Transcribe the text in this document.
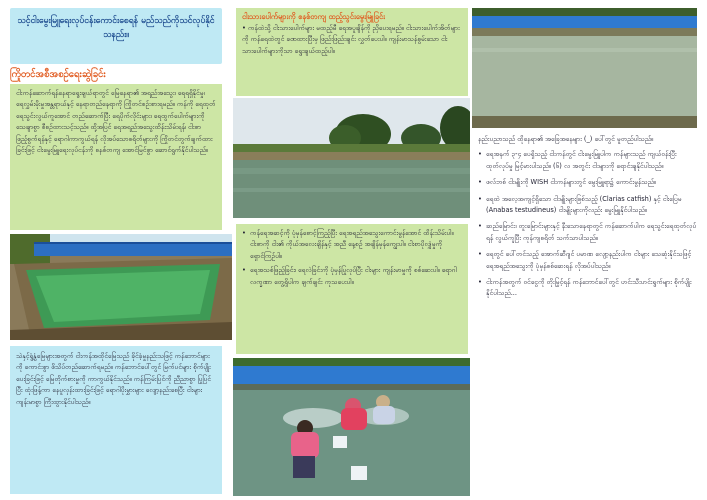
သင့်ငါးမွေးမြူရေးလုပ်ငန်းကောင်းစေရန် မည်သည်ကိုသင်လုပ်နိုင်သနည်း။
ကြိုတင်အစီအစဉ်ရေးဆွဲခြင်း
ငါးကန်ဆောက်ရန်နေရာရွေးချယ်ရာတွင် မြေနေရာ၏ အရည်အသွေး၊ ရေရရှိနိုင်မှု၊ ရေလွှမ်းမိုးမှုအန္တရာယ်နှင့် နေရာတည်နေရာကို ကြိုတင်စဉ်းစားရမည်။ ကန်ကို ရေထုတ်ရေသွင်းလွယ်ကူအောင် တည်ဆောက်ပြီး ရေပိုက်လိုင်းများ၊ ရေထွက်ပေါက်များကို သေချာစွာ စီစဉ်ထားသင့်သည်။ ထို့အပြင် ရေအရည်အသွေးထိန်းသိမ်းရန်၊ ငါးစာဖြည့်စွက်ရန်နှင့် ရောဂါကာကွယ်ရန် လိုအပ်သောစရိတ်များကို ကြိုတင်တွက်ချက်ထားခြင်းဖြင့် ငါးမွေးမြူရေးလုပ်ငန်းကို စနစ်တကျ အောင်မြင်စွာ ဆောင်ရွက်နိုင်ပါသည်။
သဲနှင့်ရွံ့နွံမြေများအတွက် ငါးကန်အထိုင်မြေသည် ခိုင်ခံ့မှုနည်းသဖြင့် ကန်ဘောင်များကို ကောင်းစွာ ဖိသိပ်တည်ဆောက်ရမည်။ ကန်ဘောင်ပေါ်တွင် မြက်ပင်များ စိုက်ပျိုးပေးခြင်းဖြင့် မြေတိုက်စားမှုကို ကာကွယ်နိုင်သည်။ ကန်ကြမ်းပြင်ကို ညီညာစွာ ပြုပြင်ပြီး ထုံးဖြန့်ကာ နေပူလှန်းထားခြင်းဖြင့် ရောဂါပိုးမွှားများ လျော့နည်းစေပြီး ငါးများ ကျန်းမာစွာ ကြီးထွားနိုင်ပါသည်။
ငါးသားပေါက်များကို စနစ်တကျ ထည့်သွင်းမွေးမြူခြင်း
• ကန်ထဲသို့ ငါးသားပေါက်များ မထည့်မီ ရေအပူချိန်ကို ညှိပေးရမည်။ ငါးသားပေါက်အိတ်များကို ကန်ရေထဲတွင် ခဏထားပြီးမှ ဖြည်းဖြည်းချင်း လွှတ်ပေးပါ။ ကျန်းမာသန်စွမ်းသော ငါးသားပေါက်များကိုသာ ရွေးချယ်ထည့်ပါ။
• ကန်ရေအဆင့်ကို ပုံမှန်စောင့်ကြည့်ပြီး ရေအရည်အသွေးကောင်းမွန်အောင် ထိန်းသိမ်းပါ။ ငါးစာကို ငါး၏ ကိုယ်အလေးချိန်နှင့် အညီ နေ့စဉ် အချိန်မှန်ကျွေးပါ။ ငါးစာပိုလျှံမှုကို ရှောင်ကြဉ်ပါ။
• ရေအသစ်ဖြည့်ခြင်း၊ ရေလဲခြင်းကို ပုံမှန်ပြုလုပ်ပြီး ငါးများ ကျန်းမာမှုကို စစ်ဆေးပါ။ ရောဂါလက္ခဏာ တွေ့ရှိပါက ချက်ချင်း ကုသပေးပါ။
နည်းပညာသည် ထိုနေရာ၏ အခြေအနေများ (_) ပေါ်တွင် မူတည်ပါသည်။
• ရေအနက် ၃-၄ ပေရှိသည့် ငါးကန်တွင် ငါးမွေးမြူပါက ကန်များသည် ကျယ်ဝန်းပြီး ထုတ်လုပ်မှု မြင့်မားပါသည်။ (၆) လ အတွင်း ငါးများကို ရောင်းချနိုင်ပါသည်။
• ဖလ်ဘစ် ငါးမျိုးကို WISH ငါးကန်များတွင် မွေးမြူရာ၌ ကောင်းမွန်သည်။
• ရေထဲ အလေ့အကျင့်ရှိသော ငါးမျိုးများဖြစ်သည့် (Clarias catfish) နှင့် ငါးပြေမ (Anabas testudineus) ငါးမျိုးများကိုလည်း မွေးမြူနိုင်ပါသည်။
• ဆည်မြောင်း၊ တူးမြောင်းများနှင့် နီးသောနေရာတွင် ကန်ဆောက်ပါက ရေသွင်းရေထုတ်လုပ်ရန် လွယ်ကူပြီး ကုန်ကျစရိတ် သက်သာပါသည်။
• ရေတွင် ပေါ်တင်သည့် အောက်ဆီဂျင် ပမာဏ လျော့နည်းပါက ငါးများ သေဆုံးနိုင်သဖြင့် ရေအရည်အသွေးကို ပုံမှန်စစ်ဆေးရန် လိုအပ်ပါသည်။
• ငါးကန်အတွက် ဝင်ငွေကို တိုးမြှင့်ရန် ကန်ဘောင်ပေါ်တွင် ဟင်းသီးဟင်းရွက်များ စိုက်ပျိုးနိုင်ပါသည်...
